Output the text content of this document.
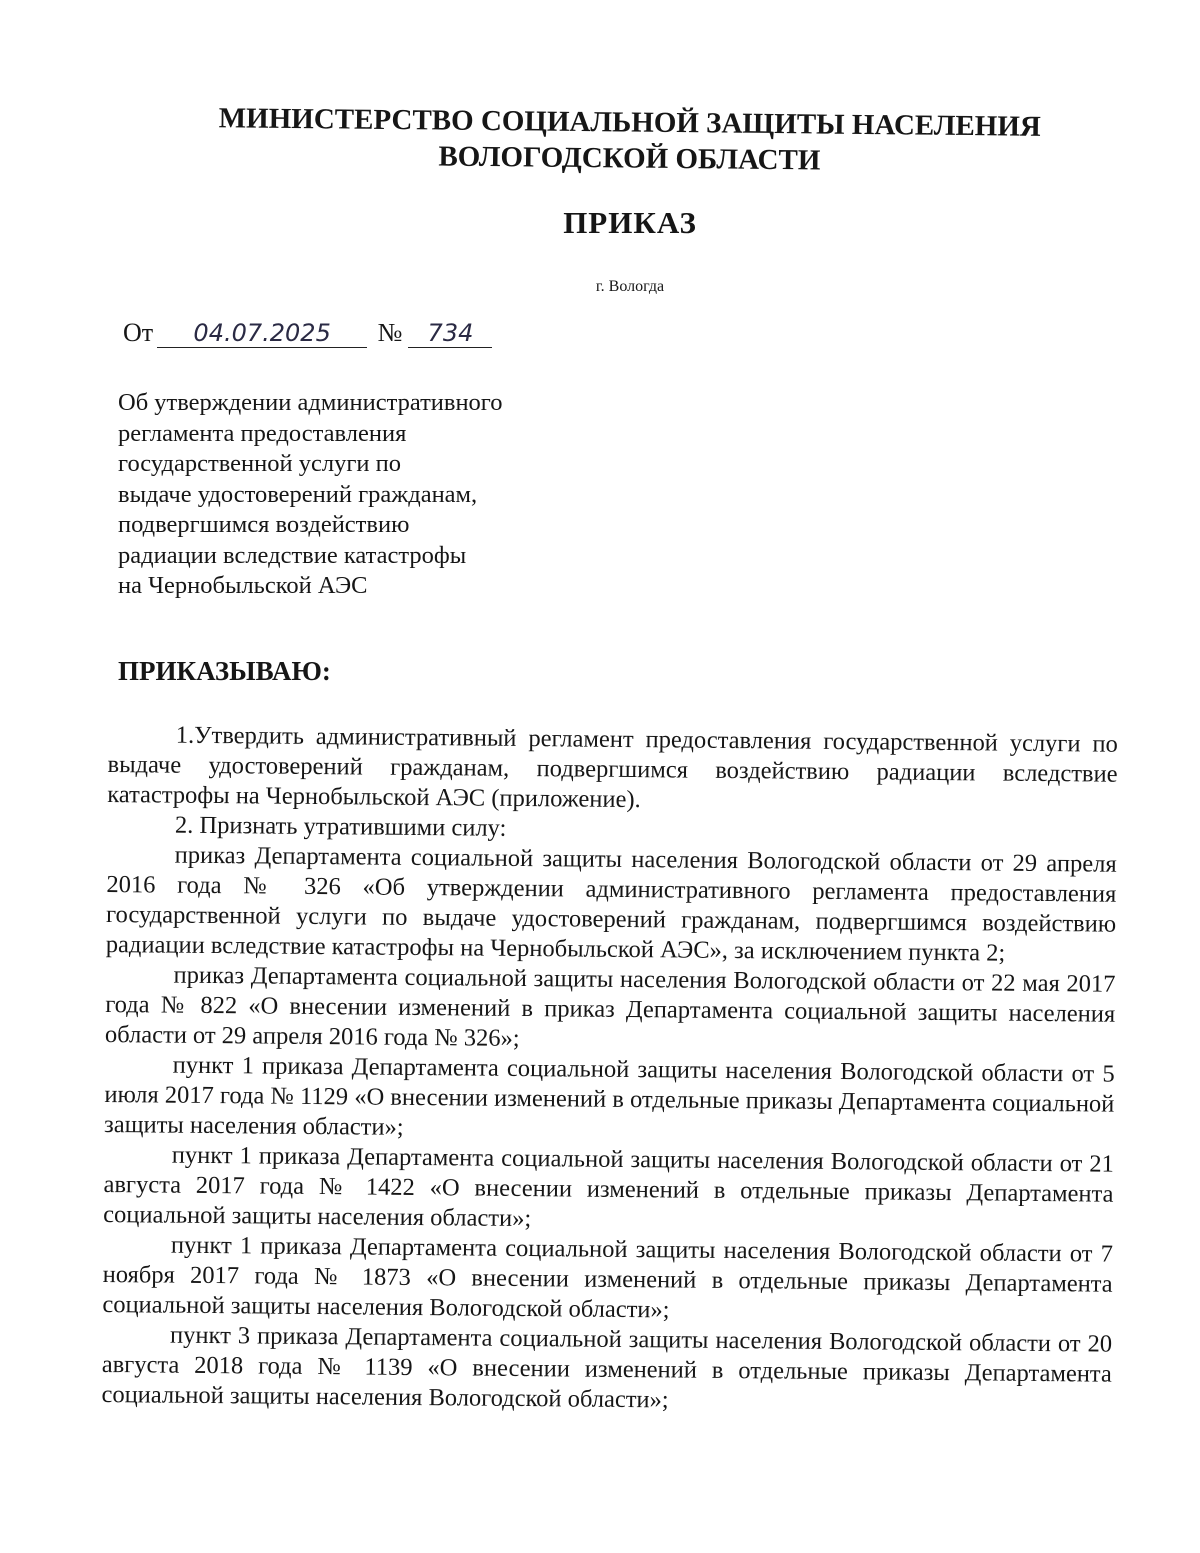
МИНИСТЕРСТВО СОЦИАЛЬНОЙ ЗАЩИТЫ НАСЕЛЕНИЯ
ВОЛОГОДСКОЙ ОБЛАСТИ
ПРИКАЗ
г. Вологда
От 04.07.2025 № 734
Об утверждении административного
регламента предоставления
государственной услуги по
выдаче удостоверений гражданам,
подвергшимся воздействию
радиации вследствие катастрофы
на Чернобыльской АЭС
ПРИКАЗЫВАЮ:

1.Утвердить административный регламент предоставления государственной услуги по выдаче удостоверений гражданам, подвергшимся воздействию радиации вследствие катастрофы на Чернобыльской АЭС (приложение).

2. Признать утратившими силу:

приказ Департамента социальной защиты населения Вологодской области от 29 апреля 2016 года № 326 «Об утверждении административного регламента предоставления государственной услуги по выдаче удостоверений гражданам, подвергшимся воздействию радиации вследствие катастрофы на Чернобыльской АЭС», за исключением пункта 2;

приказ Департамента социальной защиты населения Вологодской области от 22 мая 2017 года № 822 «О внесении изменений в приказ Департамента социальной защиты населения области от 29 апреля 2016 года № 326»;

пункт 1 приказа Департамента социальной защиты населения Вологодской области от 5 июля 2017 года № 1129 «О внесении изменений в отдельные приказы Департамента социальной защиты населения области»;

пункт 1 приказа Департамента социальной защиты населения Вологодской области от 21 августа 2017 года № 1422 «О внесении изменений в отдельные приказы Департамента социальной защиты населения области»;

пункт 1 приказа Департамента социальной защиты населения Вологодской области от 7 ноября 2017 года № 1873 «О внесении изменений в отдельные приказы Департамента социальной защиты населения Вологодской области»;

пункт 3 приказа Департамента социальной защиты населения Вологодской области от 20 августа 2018 года № 1139 «О внесении изменений в отдельные приказы Департамента социальной защиты населения Вологодской области»;
